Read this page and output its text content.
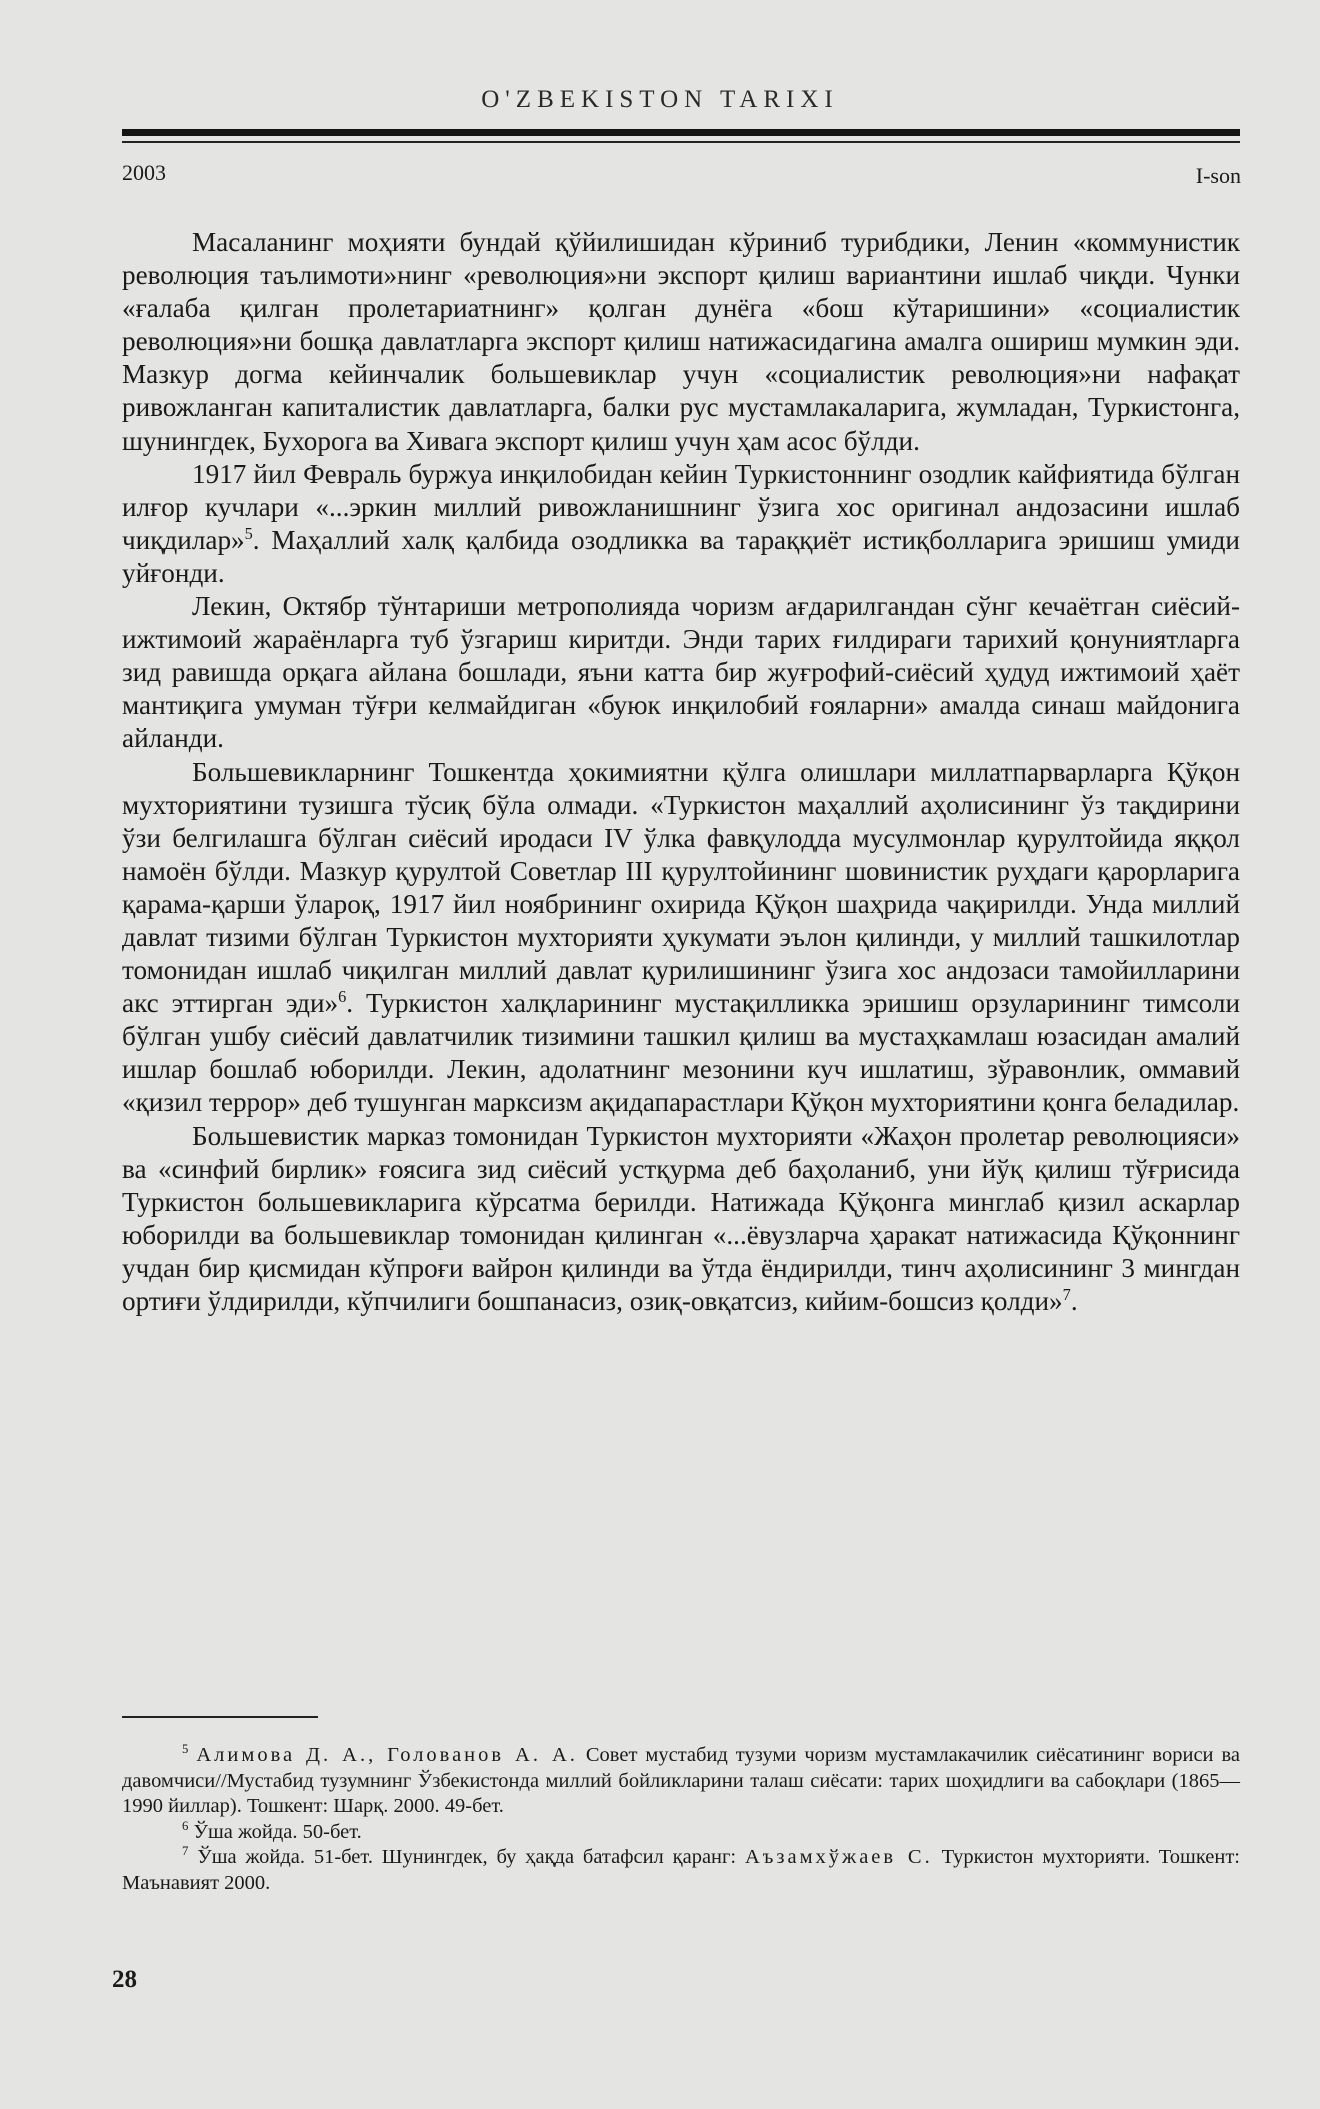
O'ZBEKISTON TARIXI
2003	I-son

Масаланинг моҳияти бундай қўйилишидан кўриниб турибдики, Ленин «коммунистик революция таълимоти»нинг «революция»ни экспорт қилиш вариантини ишлаб чиқди. Чунки «ғалаба қилган пролетариатнинг» қолган дунёга «бош кўтаришини» «социалистик революция»ни бошқа давлатларга экспорт қилиш натижасидагина амалга ошириш мумкин эди. Мазкур догма кейинчалик большевиклар учун «социалистик революция»ни нафақат ривожланган капиталистик давлатларга, балки рус мустамлакаларига, жумладан, Туркистонга, шунингдек, Бухорога ва Хивага экспорт қилиш учун ҳам асос бўлди.

1917 йил Февраль буржуа инқилобидан кейин Туркистоннинг озодлик кайфиятида бўлган илғор кучлари «...эркин миллий ривожланишнинг ўзига хос оригинал андозасини ишлаб чиқдилар»$^5$. Маҳаллий халқ қалбида озодликка ва тараққиёт истиқболларига эришиш умиди уйғонди.

Лекин, Октябр тўнтариши метрополияда чоризм ағдарилгандан сўнг кечаётган сиёсий-ижтимоий жараёнларга туб ўзгариш киритди. Энди тарих ғилдираги тарихий қонуниятларга зид равишда орқага айлана бошлади, яъни катта бир жуғрофий-сиёсий ҳудуд ижтимоий ҳаёт мантиқига умуман тўғри келмайдиган «буюк инқилобий ғояларни» амалда синаш майдонига айланди.

Большевикларнинг Тошкентда ҳокимиятни қўлга олишлари миллатпарварларга Қўқон мухториятини тузишга тўсиқ бўла олмади. «Туркистон маҳаллий аҳолисининг ўз тақдирини ўзи белгилашга бўлган сиёсий иродаси IV ўлка фавқулодда мусулмонлар қурултойида яққол намоён бўлди. Мазкур қурултой Советлар III қурултойининг шовинистик руҳдаги қарорларига қарама-қарши ўлароқ, 1917 йил ноябрининг охирида Қўқон шаҳрида чақирилди. Унда миллий давлат тизими бўлган Туркистон мухторияти ҳукумати эълон қилинди, у миллий ташкилотлар томонидан ишлаб чиқилган миллий давлат қурилишининг ўзига хос андозаси тамойилларини акс эттирган эди»$^6$. Туркистон халқларининг мустақилликка эришиш орзуларининг тимсоли бўлган ушбу сиёсий давлатчилик тизимини ташкил қилиш ва мустаҳкамлаш юзасидан амалий ишлар бошлаб юборилди. Лекин, адолатнинг мезонини куч ишлатиш, зўравонлик, оммавий «қизил террор» деб тушунган марксизм ақидапарастлари Қўқон мухториятини қонга беладилар.

Большевистик марказ томонидан Туркистон мухторияти «Жаҳон пролетар революцияси» ва «синфий бирлик» ғоясига зид сиёсий устқурма деб баҳоланиб, уни йўқ қилиш тўғрисида Туркистон большевикларига кўрсатма берилди. Натижада Қўқонга минглаб қизил аскарлар юборилди ва большевиклар томонидан қилинган «...ёвузларча ҳаракат натижасида Қўқоннинг учдан бир қисмидан кўпроғи вайрон қилинди ва ўтда ёндирилди, тинч аҳолисининг 3 мингдан ортиғи ўлдирилди, кўпчилиги бошпанасиз, озиқ-овқатсиз, кийим-бошсиз қолди»$^7$.

$^5$ Алимова Д. А., Голованов А. А. Совет мустабид тузуми чоризм мустамлакачилик сиёсатининг вориси ва давомчиси//Мустабид тузумнинг Ўзбекистонда миллий бойликларини талаш сиёсати: тарих шоҳидлиги ва сабоқлари (1865—1990 йиллар). Тошкент: Шарқ. 2000. 49-бет.

$^6$ Ўша жойда. 50-бет.

$^7$ Ўша жойда. 51-бет. Шунингдек, бу ҳақда батафсил қаранг: Аъзамхўжаев С. Туркистон мухторияти. Тошкент: Маънавият 2000.

28
